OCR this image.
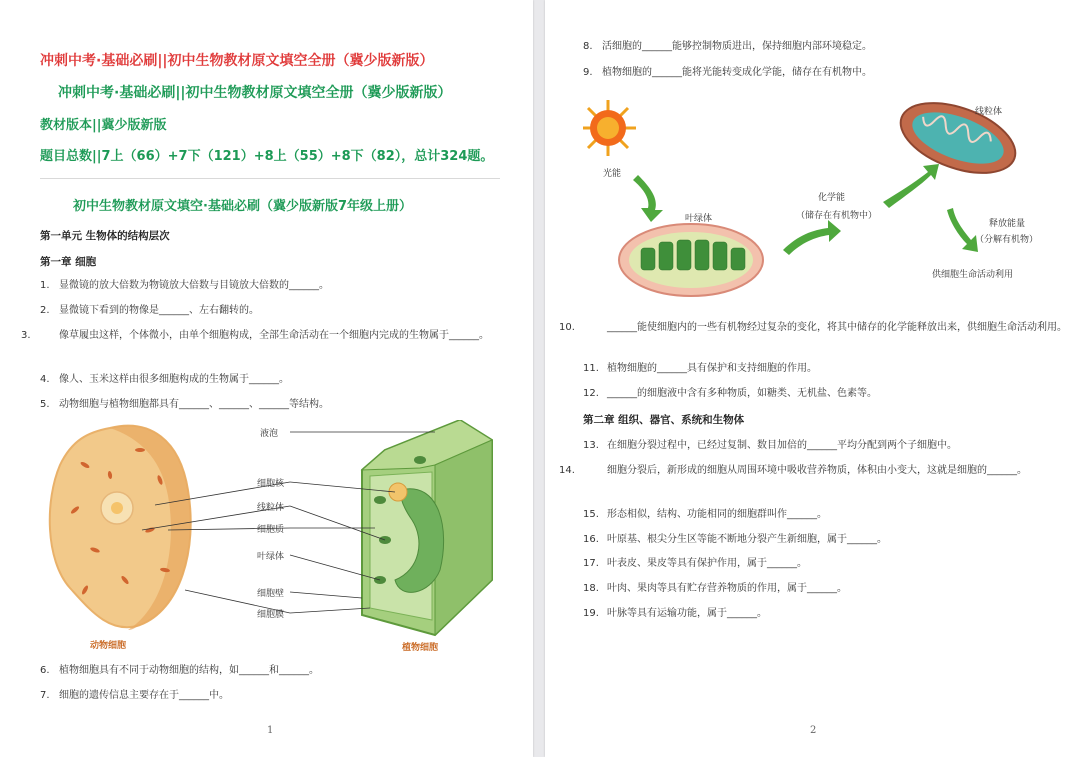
冲刺中考·基础必刷||初中生物教材原文填空全册（冀少版新版）
冲刺中考·基础必刷||初中生物教材原文填空全册（冀少版新版）
教材版本||冀少版新版
题目总数||7上（66）+7下（121）+8上（55）+8下（82），总计324题。
初中生物教材原文填空·基础必刷（冀少版新版7年级上册）
第一单元 生物体的结构层次
第一章 细胞
1. 显微镜的放大倍数为物镜放大倍数与目镜放大倍数的______。
2. 显微镜下看到的物像是______、左右翻转的。
3.	像草履虫这样，个体微小，由单个细胞构成，全部生命活动在一个细胞内完成的生物属于______。
4. 像人、玉米这样由很多细胞构成的生物属于______。
5. 动物细胞与植物细胞都具有______、______、______等结构。
液泡
细胞核
线粒体
细胞质
叶绿体
细胞壁
细胞膜
动物细胞	植物细胞
6. 植物细胞具有不同于动物细胞的结构，如______和______。
7. 细胞的遗传信息主要存在于______中。
1
8. 活细胞的______能够控制物质进出，保持细胞内部环境稳定。
9. 植物细胞的______能将光能转变成化学能，储存在有机物中。
光能
叶绿体
化学能
（储存在有机物中）
线粒体
释放能量
（分解有机物）
供细胞生命活动利用
10.	______能使细胞内的一些有机物经过复杂的变化，将其中储存的化学能释放出来，供细胞生命活动利用。
11. 植物细胞的______具有保护和支持细胞的作用。
12. ______的细胞液中含有多种物质，如糖类、无机盐、色素等。
第二章 组织、器官、系统和生物体
13. 在细胞分裂过程中，已经过复制、数目加倍的______平均分配到两个子细胞中。
14.	细胞分裂后，新形成的细胞从周围环境中吸收营养物质，体积由小变大，这就是细胞的______。
15. 形态相似，结构、功能相同的细胞群叫作______。
16. 叶原基、根尖分生区等能不断地分裂产生新细胞，属于______。
17. 叶表皮、果皮等具有保护作用，属于______。
18. 叶肉、果肉等具有贮存营养物质的作用，属于______。
19. 叶脉等具有运输功能，属于______。
2
